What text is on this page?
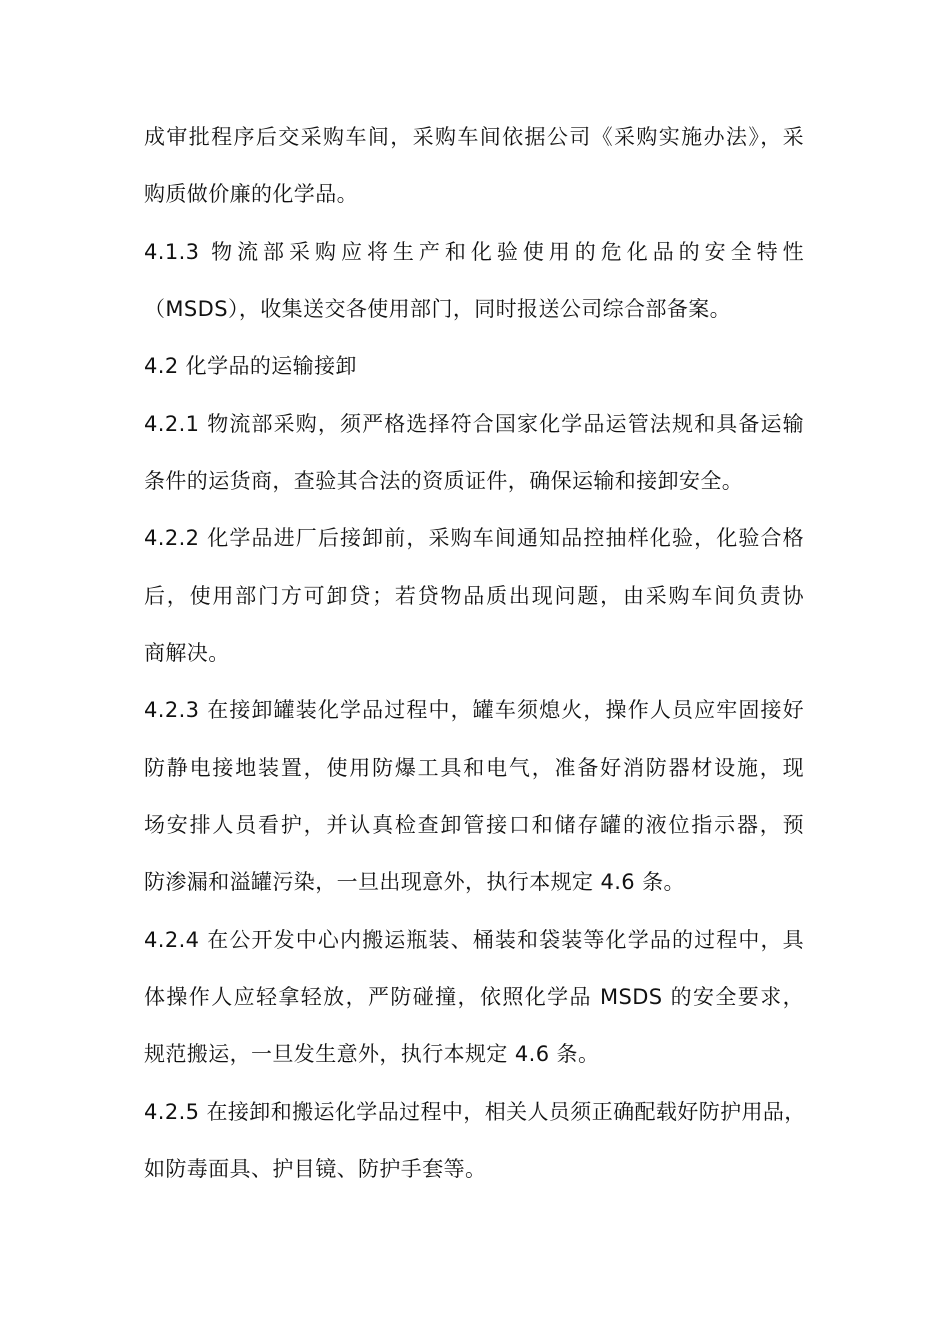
成审批程序后交采购车间，采购车间依据公司《采购实施办法》，采
购质做价廉的化学品。
4.1.3 物流部采购应将生产和化验使用的危化品的安全特性
（MSDS），收集送交各使用部门，同时报送公司综合部备案。
4.2 化学品的运输接卸
4.2.1 物流部采购，须严格选择符合国家化学品运管法规和具备运输
条件的运货商，查验其合法的资质证件，确保运输和接卸安全。
4.2.2 化学品进厂后接卸前，采购车间通知品控抽样化验，化验合格
后，使用部门方可卸贷；若贷物品质出现问题，由采购车间负责协
商解决。
4.2.3 在接卸罐装化学品过程中，罐车须熄火，操作人员应牢固接好
防静电接地装置，使用防爆工具和电气，准备好消防器材设施，现
场安排人员看护，并认真检查卸管接口和储存罐的液位指示器，预
防渗漏和溢罐污染，一旦出现意外，执行本规定 4.6 条。
4.2.4 在公开发中心内搬运瓶装、桶装和袋装等化学品的过程中，具
体操作人应轻拿轻放，严防碰撞，依照化学品 MSDS 的安全要求，
规范搬运，一旦发生意外，执行本规定 4.6 条。
4.2.5 在接卸和搬运化学品过程中，相关人员须正确配载好防护用品，
如防毒面具、护目镜、防护手套等。
